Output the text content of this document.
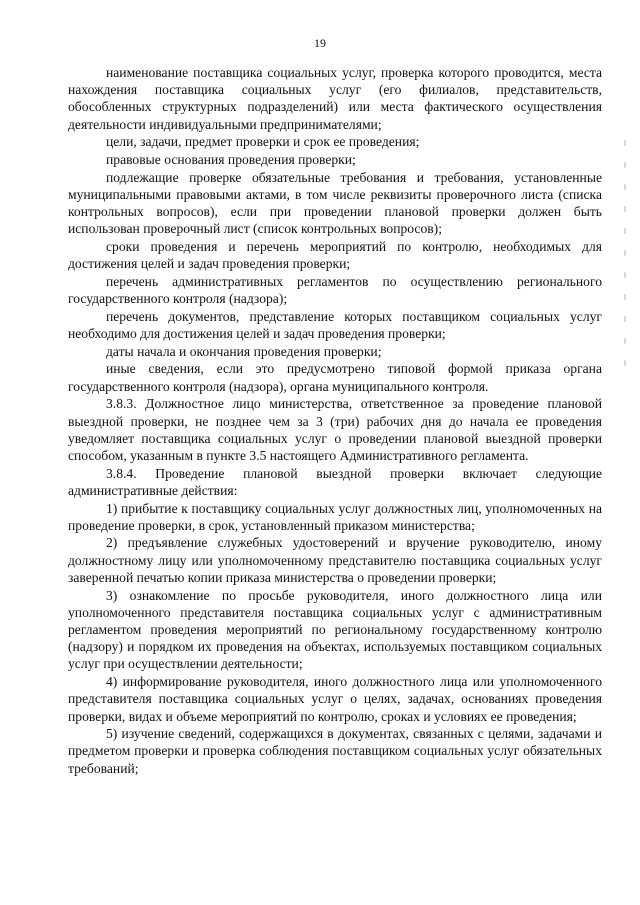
19

наименование поставщика социальных услуг, проверка которого проводится, места нахождения поставщика социальных услуг (его филиалов, представительств, обособленных структурных подразделений) или места фактического осуществления деятельности индивидуальными предпринимателями;

цели, задачи, предмет проверки и срок ее проведения;

правовые основания проведения проверки;

подлежащие проверке обязательные требования и требования, установленные муниципальными правовыми актами, в том числе реквизиты проверочного листа (списка контрольных вопросов), если при проведении плановой проверки должен быть использован проверочный лист (список контрольных вопросов);

сроки проведения и перечень мероприятий по контролю, необходимых для достижения целей и задач проведения проверки;

перечень административных регламентов по осуществлению регионального государственного контроля (надзора);

перечень документов, представление которых поставщиком социальных услуг необходимо для достижения целей и задач проведения проверки;

даты начала и окончания проведения проверки;

иные сведения, если это предусмотрено типовой формой приказа органа государственного контроля (надзора), органа муниципального контроля.

3.8.3. Должностное лицо министерства, ответственное за проведение плановой выездной проверки, не позднее чем за 3 (три) рабочих дня до начала ее проведения уведомляет поставщика социальных услуг о проведении плановой выездной проверки способом, указанным в пункте 3.5 настоящего Административного регламента.

3.8.4. Проведение плановой выездной проверки включает следующие административные действия:

1) прибытие к поставщику социальных услуг должностных лиц, уполномоченных на проведение проверки, в срок, установленный приказом министерства;

2) предъявление служебных удостоверений и вручение руководителю, иному должностному лицу или уполномоченному представителю поставщика социальных услуг заверенной печатью копии приказа министерства о проведении проверки;

3) ознакомление по просьбе руководителя, иного должностного лица или уполномоченного представителя поставщика социальных услуг с административным регламентом проведения мероприятий по региональному государственному контролю (надзору) и порядком их проведения на объектах, используемых поставщиком социальных услуг при осуществлении деятельности;

4) информирование руководителя, иного должностного лица или уполномоченного представителя поставщика социальных услуг о целях, задачах, основаниях проведения проверки, видах и объеме мероприятий по контролю, сроках и условиях ее проведения;

5) изучение сведений, содержащихся в документах, связанных с целями, задачами и предметом проверки и проверка соблюдения поставщиком социальных услуг обязательных требований;
